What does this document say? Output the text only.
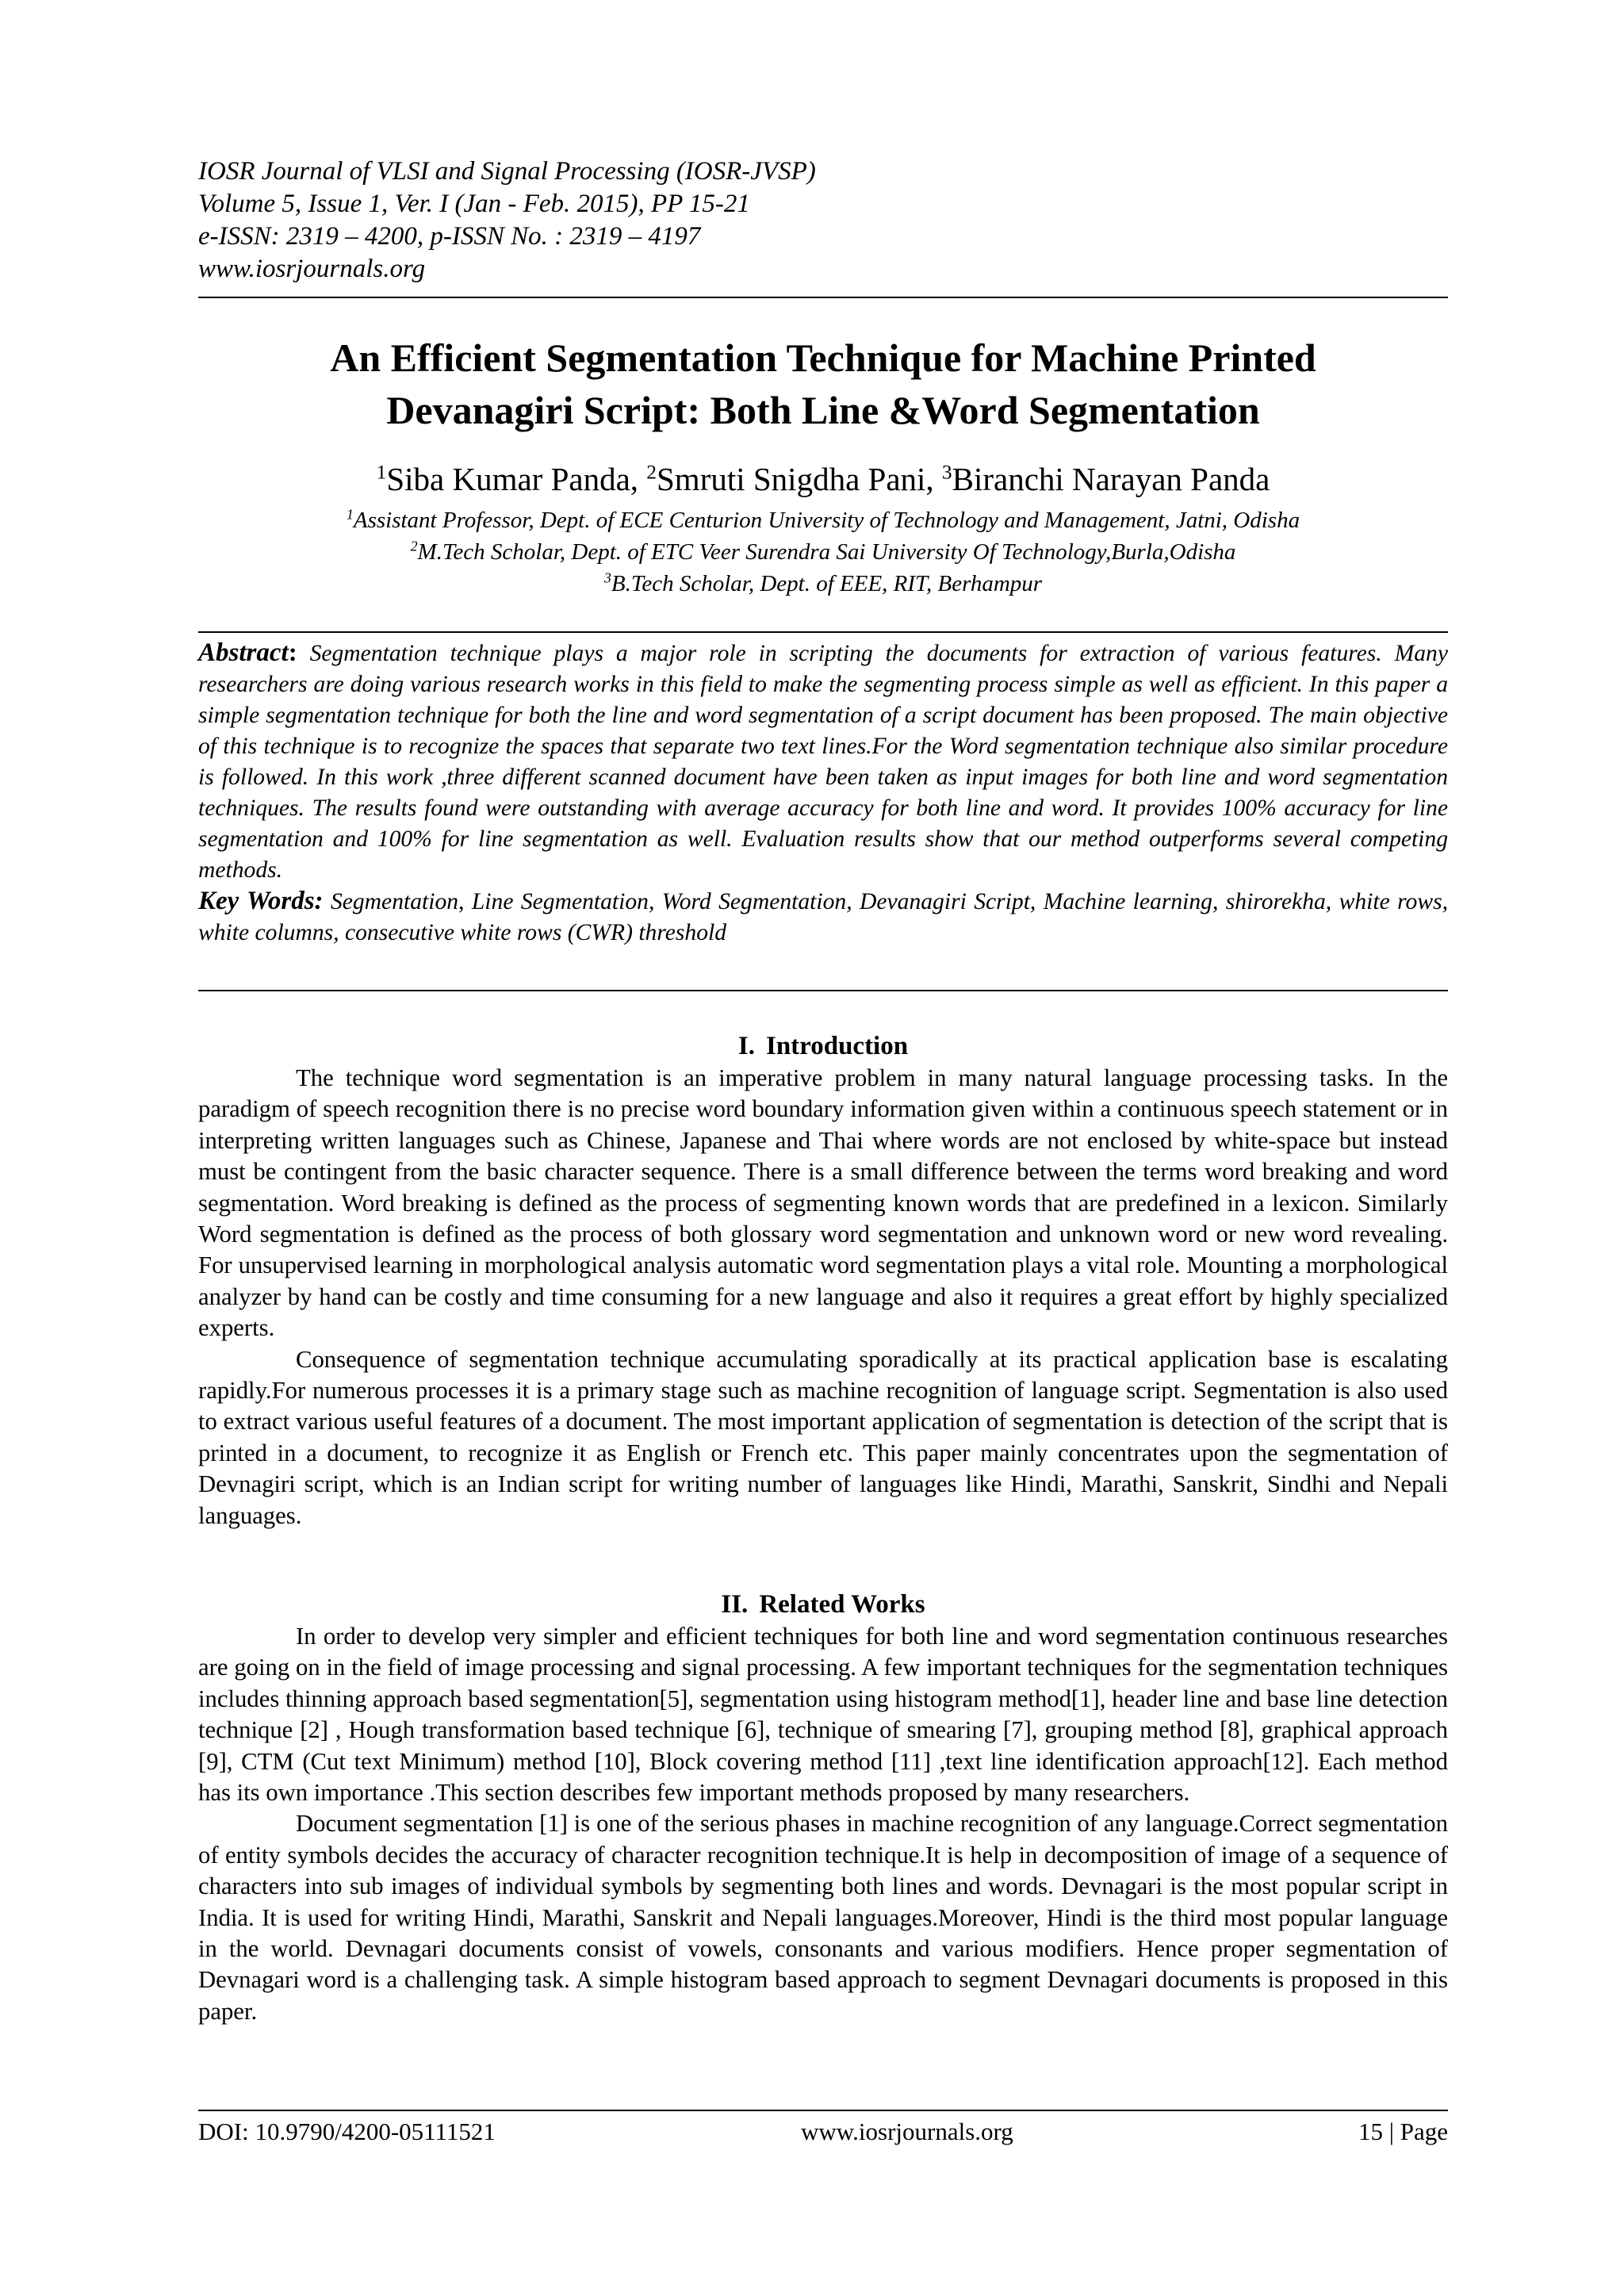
IOSR Journal of VLSI and Signal Processing (IOSR-JVSP)
Volume 5, Issue 1, Ver. I (Jan - Feb. 2015), PP 15-21
e-ISSN: 2319 – 4200, p-ISSN No. : 2319 – 4197
www.iosrjournals.org
An Efficient Segmentation Technique for Machine Printed
Devanagiri Script: Both Line &Word Segmentation
$^1$Siba Kumar Panda, $^2$Smruti Snigdha Pani, $^3$Biranchi Narayan Panda
$^1$Assistant Professor, Dept. of ECE Centurion University of Technology and Management, Jatni, Odisha
$^2$M.Tech Scholar, Dept. of ETC Veer Surendra Sai University Of Technology,Burla,Odisha
$^3$B.Tech Scholar, Dept. of EEE, RIT, Berhampur

Abstract: Segmentation technique plays a major role in scripting the documents for extraction of various features. Many researchers are doing various research works in this field to make the segmenting process simple as well as efficient. In this paper a simple segmentation technique for both the line and word segmentation of a script document has been proposed. The main objective of this technique is to recognize the spaces that separate two text lines.For the Word segmentation technique also similar procedure is followed. In this work ,three different scanned document have been taken as input images for both line and word segmentation techniques. The results found were outstanding with average accuracy for both line and word. It provides 100% accuracy for line segmentation and 100% for line segmentation as well. Evaluation results show that our method outperforms several competing methods.

Key Words: Segmentation, Line Segmentation, Word Segmentation, Devanagiri Script, Machine learning, shirorekha, white rows, white columns, consecutive white rows (CWR) threshold

I. Introduction

The technique word segmentation is an imperative problem in many natural language processing tasks. In the paradigm of speech recognition there is no precise word boundary information given within a continuous speech statement or in interpreting written languages such as Chinese, Japanese and Thai where words are not enclosed by white-space but instead must be contingent from the basic character sequence. There is a small difference between the terms word breaking and word segmentation. Word breaking is defined as the process of segmenting known words that are predefined in a lexicon. Similarly Word segmentation is defined as the process of both glossary word segmentation and unknown word or new word revealing. For unsupervised learning in morphological analysis automatic word segmentation plays a vital role. Mounting a morphological analyzer by hand can be costly and time consuming for a new language and also it requires a great effort by highly specialized experts.

Consequence of segmentation technique accumulating sporadically at its practical application base is escalating rapidly.For numerous processes it is a primary stage such as machine recognition of language script. Segmentation is also used to extract various useful features of a document. The most important application of segmentation is detection of the script that is printed in a document, to recognize it as English or French etc. This paper mainly concentrates upon the segmentation of Devnagiri script, which is an Indian script for writing number of languages like Hindi, Marathi, Sanskrit, Sindhi and Nepali languages.

II. Related Works

In order to develop very simpler and efficient techniques for both line and word segmentation continuous researches are going on in the field of image processing and signal processing. A few important techniques for the segmentation techniques includes thinning approach based segmentation[5], segmentation using histogram method[1], header line and base line detection technique [2] , Hough transformation based technique [6], technique of smearing [7], grouping method [8], graphical approach [9], CTM (Cut text Minimum) method [10], Block covering method [11] ,text line identification approach[12]. Each method has its own importance .This section describes few important methods proposed by many researchers.

Document segmentation [1] is one of the serious phases in machine recognition of any language.Correct segmentation of entity symbols decides the accuracy of character recognition technique.It is help in decomposition of image of a sequence of characters into sub images of individual symbols by segmenting both lines and words. Devnagari is the most popular script in India. It is used for writing Hindi, Marathi, Sanskrit and Nepali languages.Moreover, Hindi is the third most popular language in the world. Devnagari documents consist of vowels, consonants and various modifiers. Hence proper segmentation of Devnagari word is a challenging task. A simple histogram based approach to segment Devnagari documents is proposed in this paper.

DOI: 10.9790/4200-05111521	www.iosrjournals.org	15 | Page
